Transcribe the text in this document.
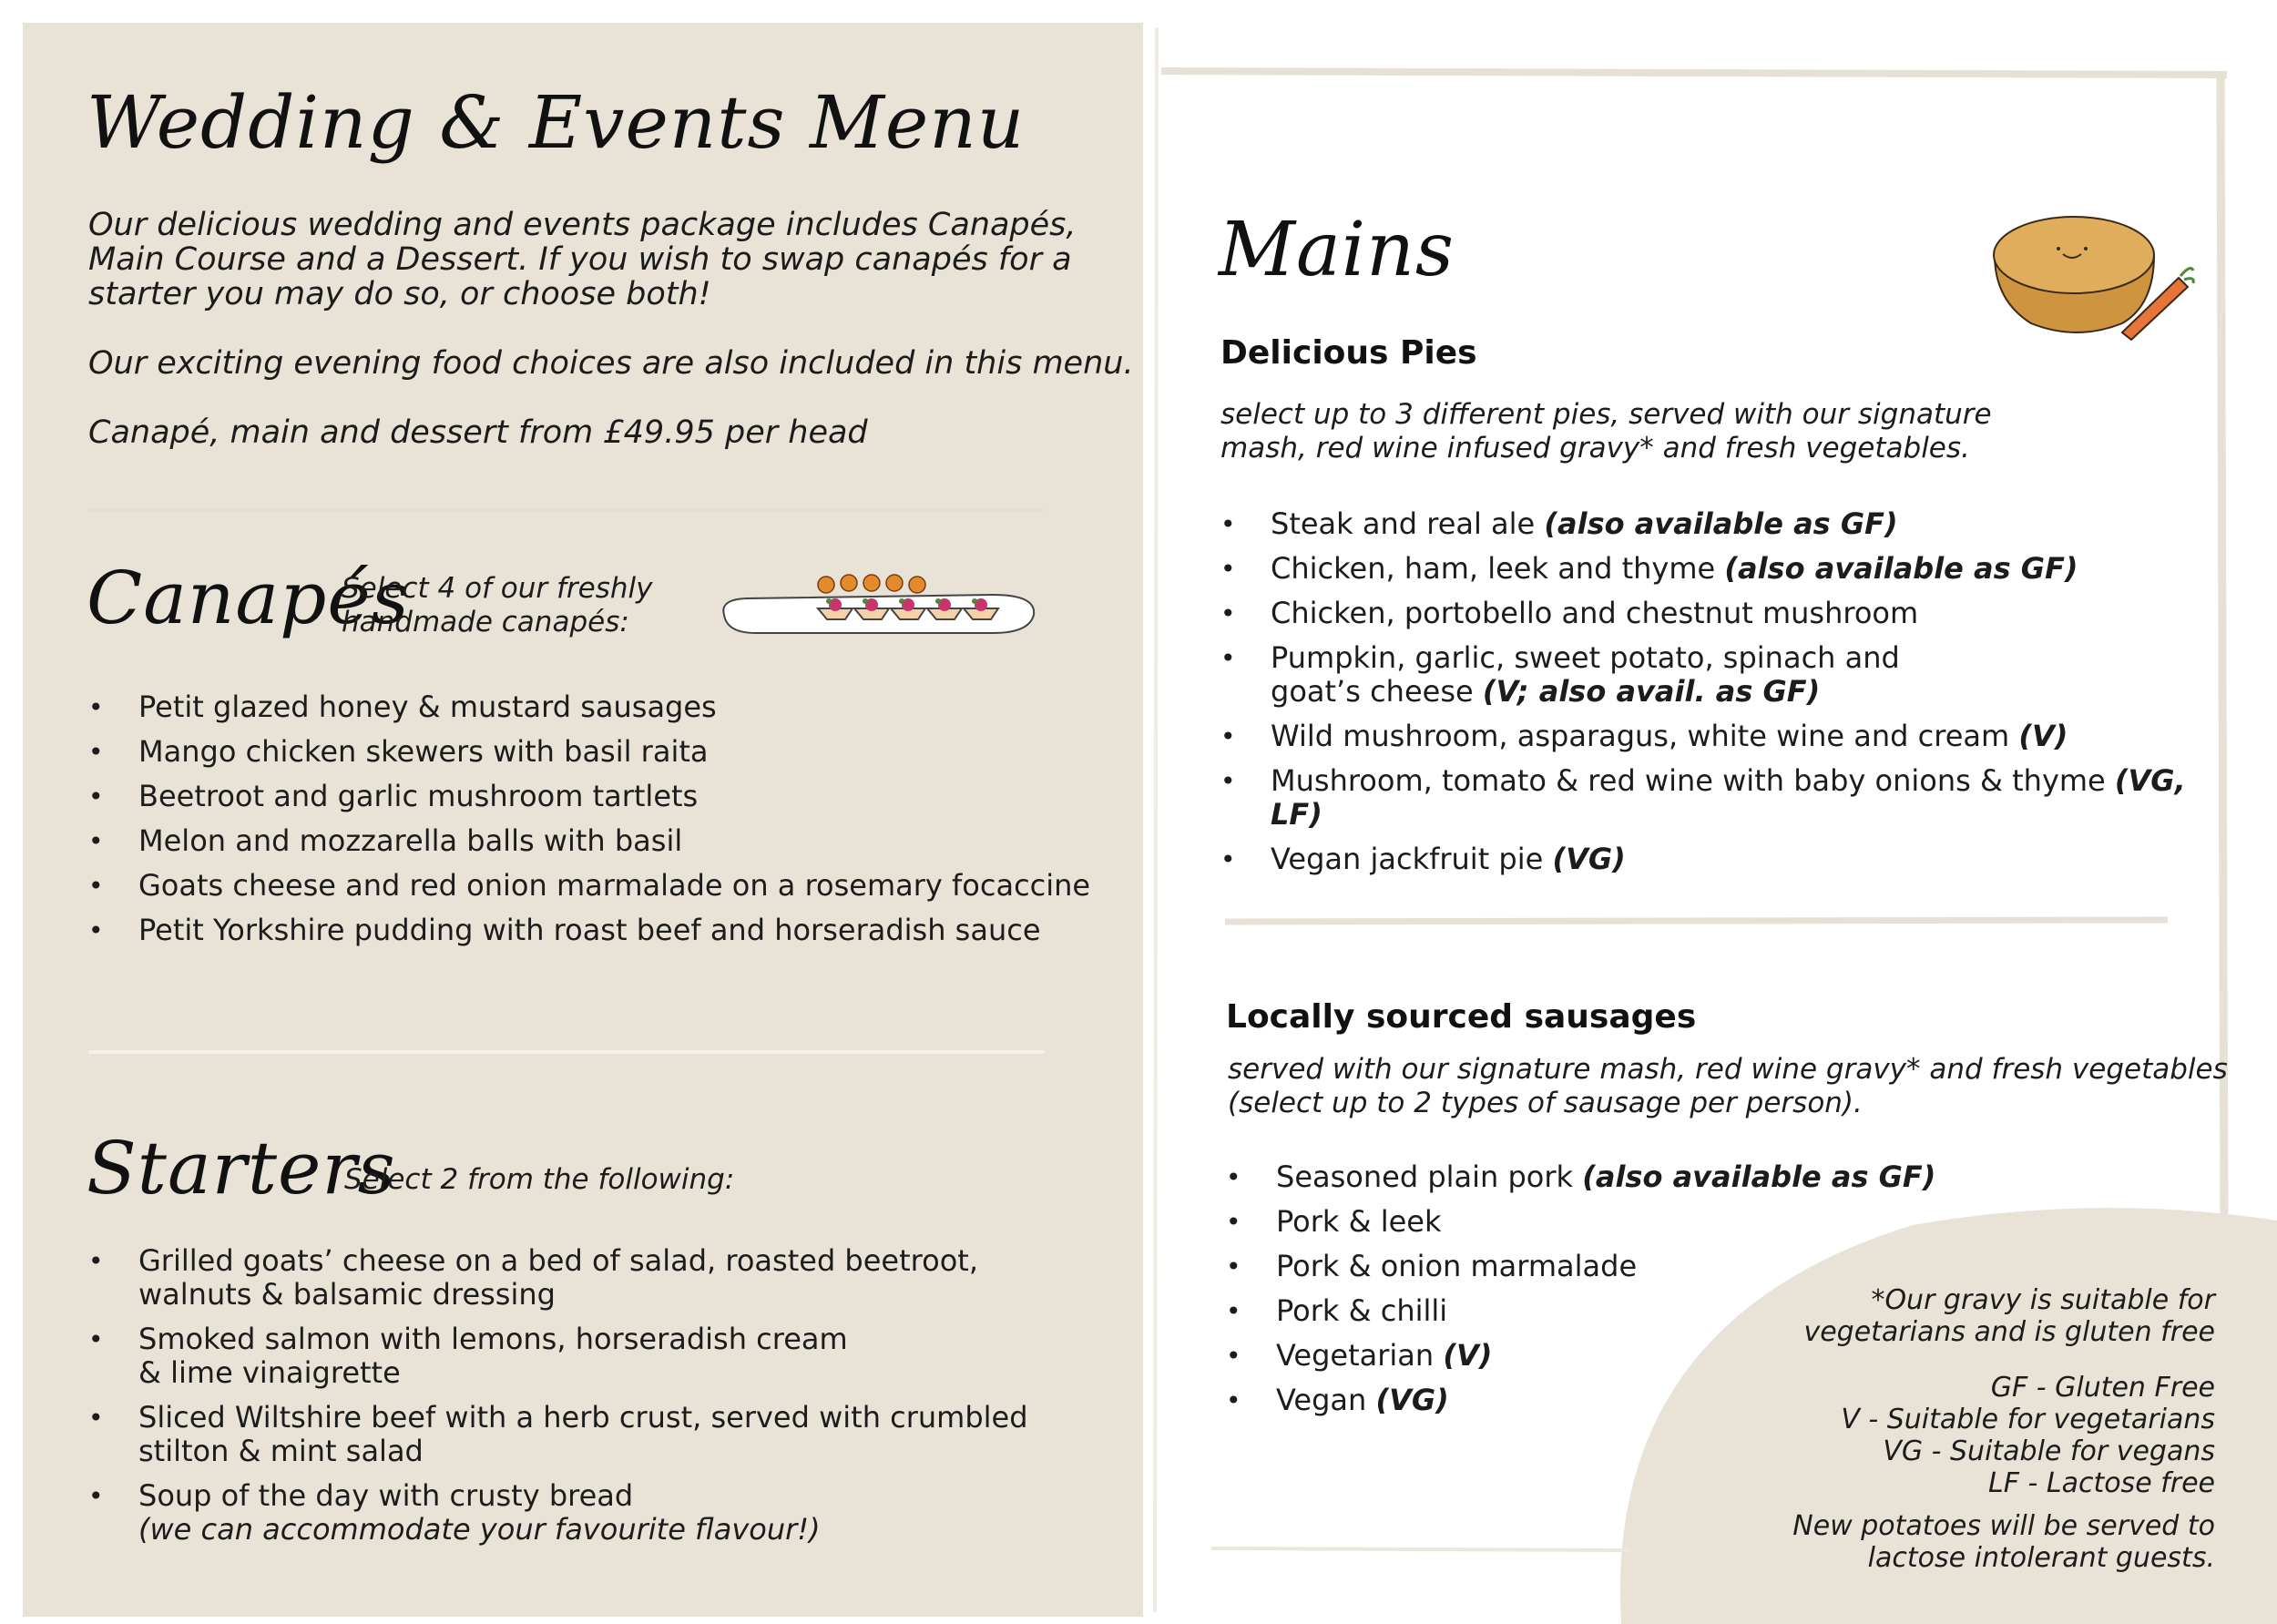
Wedding & Events Menu

Our delicious wedding and events package includes Canapés,

Main Course and a Dessert. If you wish to swap canapés for a

starter you may do so, or choose both!

Our exciting evening food choices are also included in this menu.

Canapé, main and dessert from £49.95 per head

Canapés
Select 4 of our freshly
handmade canapés:
• Petit glazed honey & mustard sausages
• Mango chicken skewers with basil raita
• Beetroot and garlic mushroom tartlets
• Melon and mozzarella balls with basil
• Goats cheese and red onion marmalade on a rosemary focaccine
• Petit Yorkshire pudding with roast beef and horseradish sauce
Starters
Select 2 from the following:
• Grilled goats’ cheese on a bed of salad, roasted beetroot,
walnuts & balsamic dressing
• Smoked salmon with lemons, horseradish cream
& lime vinaigrette
• Sliced Wiltshire beef with a herb crust, served with crumbled
stilton & mint salad
• Soup of the day with crusty bread
(we can accommodate your favourite flavour!)
Mains
Delicious Pies
select up to 3 different pies, served with our signature
mash, red wine infused gravy* and fresh vegetables.
• Steak and real ale (also available as GF)
• Chicken, ham, leek and thyme (also available as GF)
• Chicken, portobello and chestnut mushroom
• Pumpkin, garlic, sweet potato, spinach and
goat’s cheese (V; also avail. as GF)
• Wild mushroom, asparagus, white wine and cream (V)
• Mushroom, tomato & red wine with baby onions & thyme (VG, LF)
• Vegan jackfruit pie (VG)
Locally sourced sausages
served with our signature mash, red wine gravy* and fresh vegetables
(select up to 2 types of sausage per person).
• Seasoned plain pork (also available as GF)
• Pork & leek
• Pork & onion marmalade
• Pork & chilli
• Vegetarian (V)
• Vegan (VG)
*Our gravy is suitable for
vegetarians and is gluten free
GF - Gluten Free
V - Suitable for vegetarians
VG - Suitable for vegans
LF - Lactose free
New potatoes will be served to
lactose intolerant guests.
